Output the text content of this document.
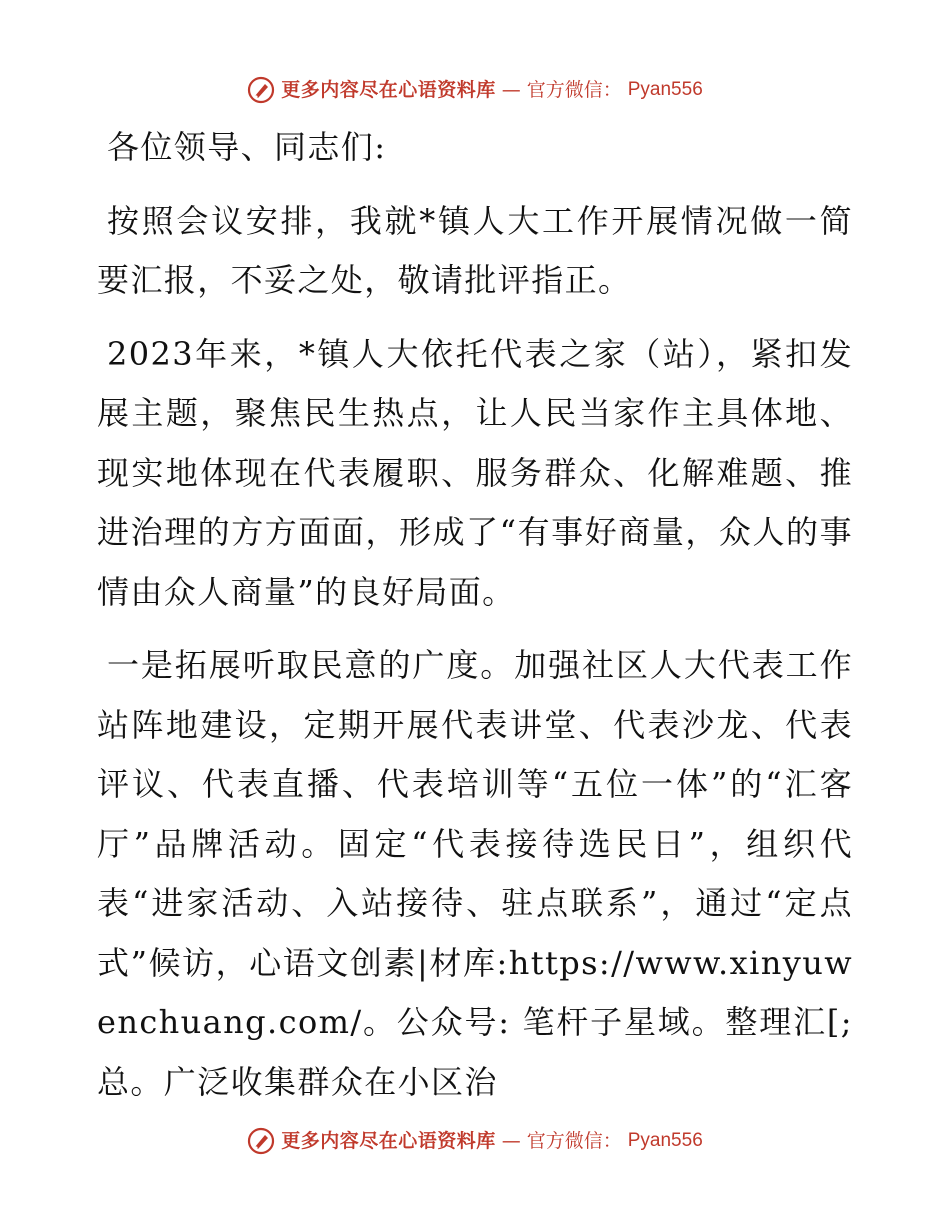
更多内容尽在心语资料库 — 官方微信： Pyan556

各位领导、同志们:

按照会议安排，我就*镇人大工作开展情况做一简要汇报，不妥之处，敬请批评指正。

2023年来，*镇人大依托代表之家（站），紧扣发展主题，聚焦民生热点，让人民当家作主具体地、现实地体现在代表履职、服务群众、化解难题、推进治理的方方面面，形成了“有事好商量，众人的事情由众人商量”的良好局面。

一是拓展听取民意的广度。加强社区人大代表工作站阵地建设，定期开展代表讲堂、代表沙龙、代表评议、代表直播、代表培训等“五位一体”的“汇客厅”品牌活动。固定“代表接待选民日”，组织代表“进家活动、入站接待、驻点联系”，通过“定点式”候访，心语文创素|材库:https://www.xinyuwenchuang.com/。公众号: 笔杆子星域。整理汇[;总。广泛收集群众在小区治

更多内容尽在心语资料库 — 官方微信： Pyan556
